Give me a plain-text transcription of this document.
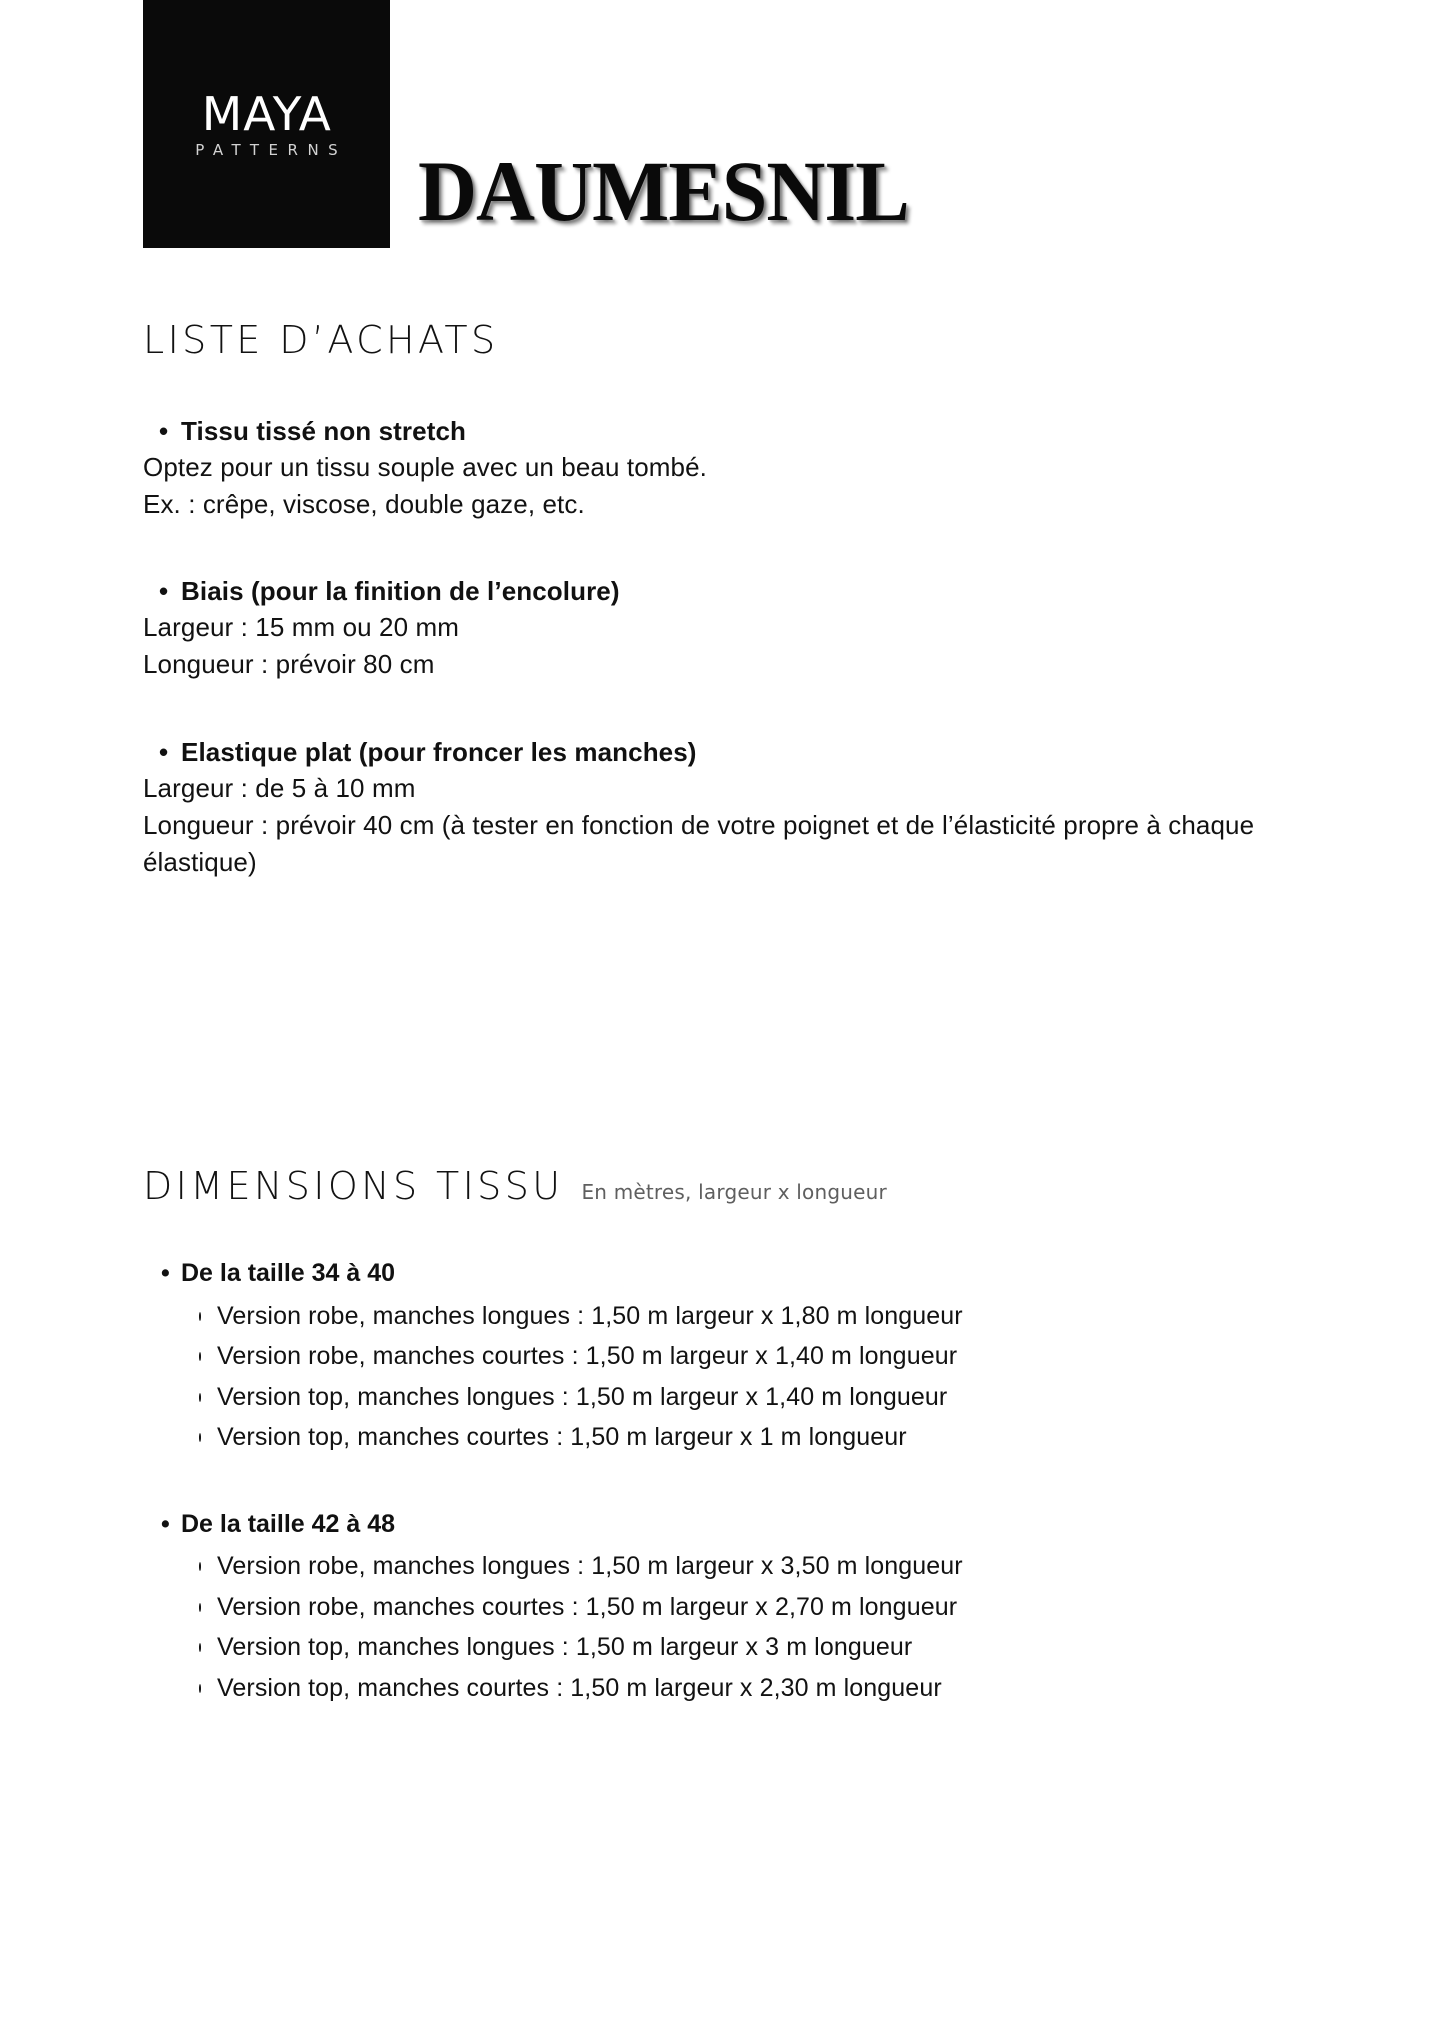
MAYA
PATTERNS DAUMESNIL
LISTE D’ACHATS
• Tissu tissé non stretch
Optez pour un tissu souple avec un beau tombé.
Ex. : crêpe, viscose, double gaze, etc.
• Biais (pour la finition de l’encolure)
Largeur : 15 mm ou 20 mm
Longueur : prévoir 80 cm
• Elastique plat (pour froncer les manches)
Largeur : de 5 à 10 mm
Longueur : prévoir 40 cm (à tester en fonction de votre poignet et de l’élasticité propre à chaque élastique)
DIMENSIONS TISSU En mètres, largeur x longueur
• De la taille 34 à 40
Version robe, manches longues : 1,50 m largeur x 1,80 m longueur
Version robe, manches courtes : 1,50 m largeur x 1,40 m longueur
Version top, manches longues : 1,50 m largeur x 1,40 m longueur
Version top, manches courtes : 1,50 m largeur x 1 m longueur
• De la taille 42 à 48
Version robe, manches longues : 1,50 m largeur x 3,50 m longueur
Version robe, manches courtes : 1,50 m largeur x 2,70 m longueur
Version top, manches longues : 1,50 m largeur x 3 m longueur
Version top, manches courtes : 1,50 m largeur x 2,30 m longueur
